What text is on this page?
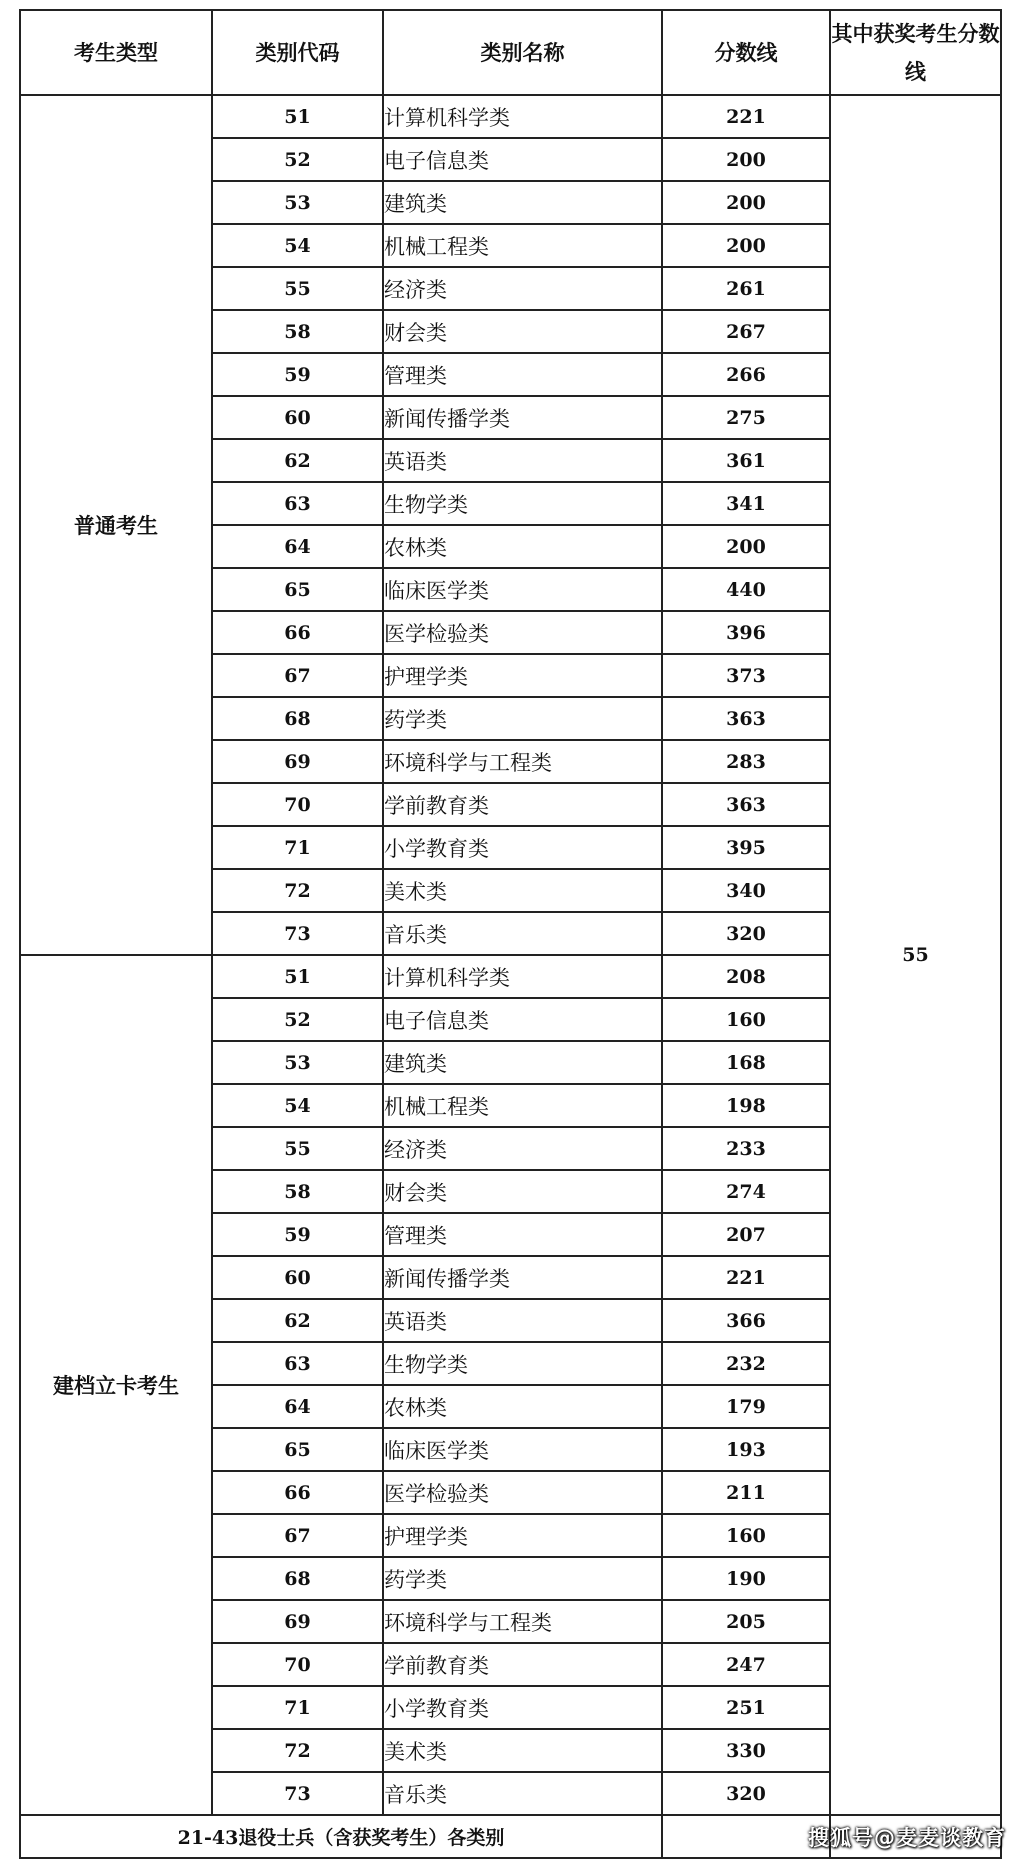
考生类型	类别代码	类别名称	分数线	其中获奖考生分数线
普通考生	51	计算机科学类	221	55
	52	电子信息类	200	
	53	建筑类	200	
	54	机械工程类	200	
	55	经济类	261	
	58	财会类	267	
	59	管理类	266	
	60	新闻传播学类	275	
	62	英语类	361	
	63	生物学类	341	
	64	农林类	200	
	65	临床医学类	440	
	66	医学检验类	396	
	67	护理学类	373	
	68	药学类	363	
	69	环境科学与工程类	283	
	70	学前教育类	363	
	71	小学教育类	395	
	72	美术类	340	
	73	音乐类	320	
建档立卡考生	51	计算机科学类	208	
	52	电子信息类	160	
	53	建筑类	168	
	54	机械工程类	198	
	55	经济类	233	
	58	财会类	274	
	59	管理类	207	
	60	新闻传播学类	221	
	62	英语类	366	
	63	生物学类	232	
	64	农林类	179	
	65	临床医学类	193	
	66	医学检验类	211	
	67	护理学类	160	
	68	药学类	190	
	69	环境科学与工程类	205	
	70	学前教育类	247	
	71	小学教育类	251	
	72	美术类	330	
	73	音乐类	320	
21-43退役士兵（含获奖考生）各类别					搜狐号@麦麦谈教育
